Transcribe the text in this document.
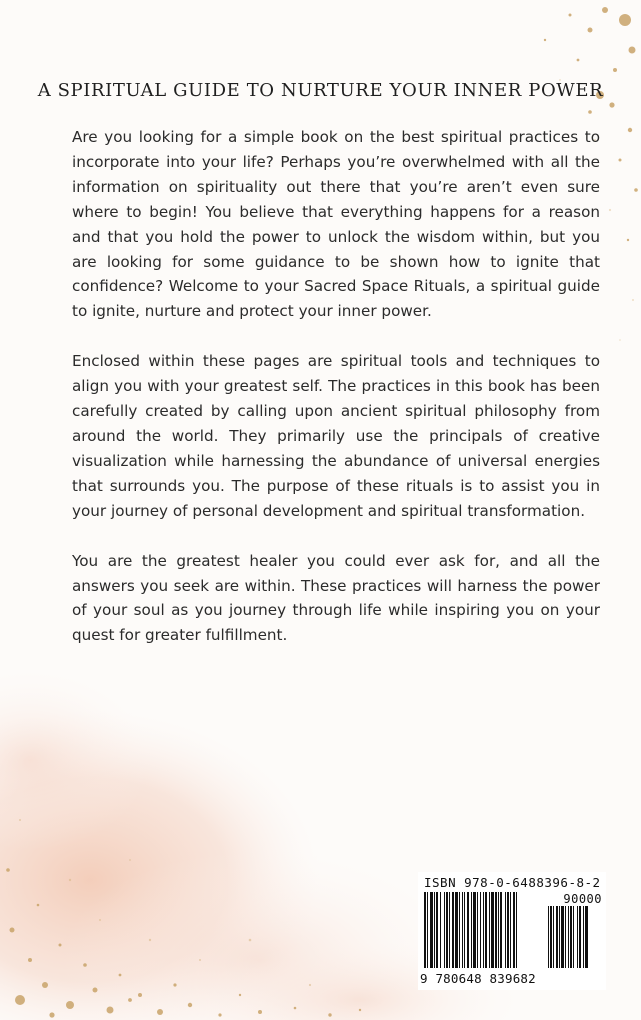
A SPIRITUAL GUIDE TO NURTURE YOUR INNER POWER

Are you looking for a simple book on the best spiritual practices to incorporate into your life? Perhaps you’re overwhelmed with all the information on spirituality out there that you’re aren’t even sure where to begin! You believe that everything happens for a reason and that you hold the power to unlock the wisdom within, but you are looking for some guidance to be shown how to ignite that confidence? Welcome to your Sacred Space Rituals, a spiritual guide to ignite, nurture and protect your inner power.

Enclosed within these pages are spiritual tools and techniques to align you with your greatest self. The practices in this book has been carefully created by calling upon ancient spiritual philosophy from around the world. They primarily use the principals of creative visualization while harnessing the abundance of universal energies that surrounds you. The purpose of these rituals is to assist you in your journey of personal development and spiritual transformation.

You are the greatest healer you could ever ask for, and all the answers you seek are within. These practices will harness the power of your soul as you journey through life while inspiring you on your quest for greater fulfillment.

ISBN 978-0-6488396-8-2
90000
9 780648 839682
